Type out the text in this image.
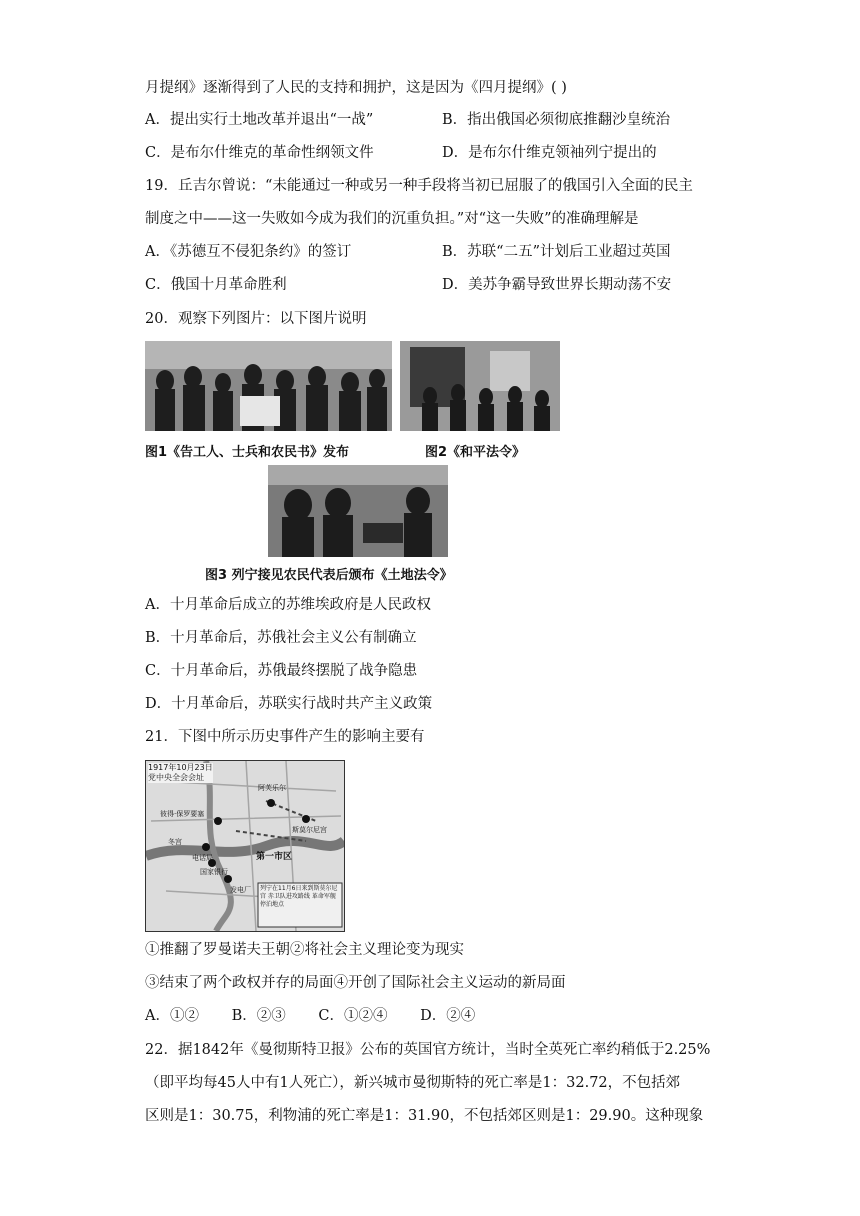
月提纲》逐渐得到了人民的支持和拥护，这是因为《四月提纲》( )
A．提出实行土地改革并退出“一战”	B．指出俄国必须彻底推翻沙皇统治
C．是布尔什维克的革命性纲领文件	D．是布尔什维克领袖列宁提出的
19．丘吉尔曾说：“未能通过一种或另一种手段将当初已屈服了的俄国引入全面的民主
制度之中——这一失败如今成为我们的沉重负担。”对“这一失败”的准确理解是
A．《苏德互不侵犯条约》的签订	B．苏联“二五”计划后工业超过英国
C．俄国十月革命胜利	D．美苏争霸导致世界长期动荡不安
20．观察下列图片：以下图片说明
图1《告工人、士兵和农民书》发布	图2《和平法令》
图3 列宁接见农民代表后颁布《土地法令》
A．十月革命后成立的苏维埃政府是人民政权
B．十月革命后，苏俄社会主义公有制确立
C．十月革命后，苏俄最终摆脱了战争隐患
D．十月革命后，苏联实行战时共产主义政策
21．下图中所示历史事件产生的影响主要有
1917年10月23日
党中央全会会址
阿芙乐尔
斯莫尔尼宫
彼得·保罗要塞
冬宫
电话局
国家银行
第一市区
发电厂 列宁在11月6日来到斯莫尔尼宫 赤卫队进攻路线 革命军舰停泊地点
①推翻了罗曼诺夫王朝②将社会主义理论变为现实
③结束了两个政权并存的局面④开创了国际社会主义运动的新局面
A．①② B．②③ C．①②④ D．②④
22．据1842年《曼彻斯特卫报》公布的英国官方统计，当时全英死亡率约稍低于2.25%
（即平均每45人中有1人死亡），新兴城市曼彻斯特的死亡率是1：32.72，不包括郊
区则是1：30.75，利物浦的死亡率是1：31.90，不包括郊区则是1：29.90。这种现象
